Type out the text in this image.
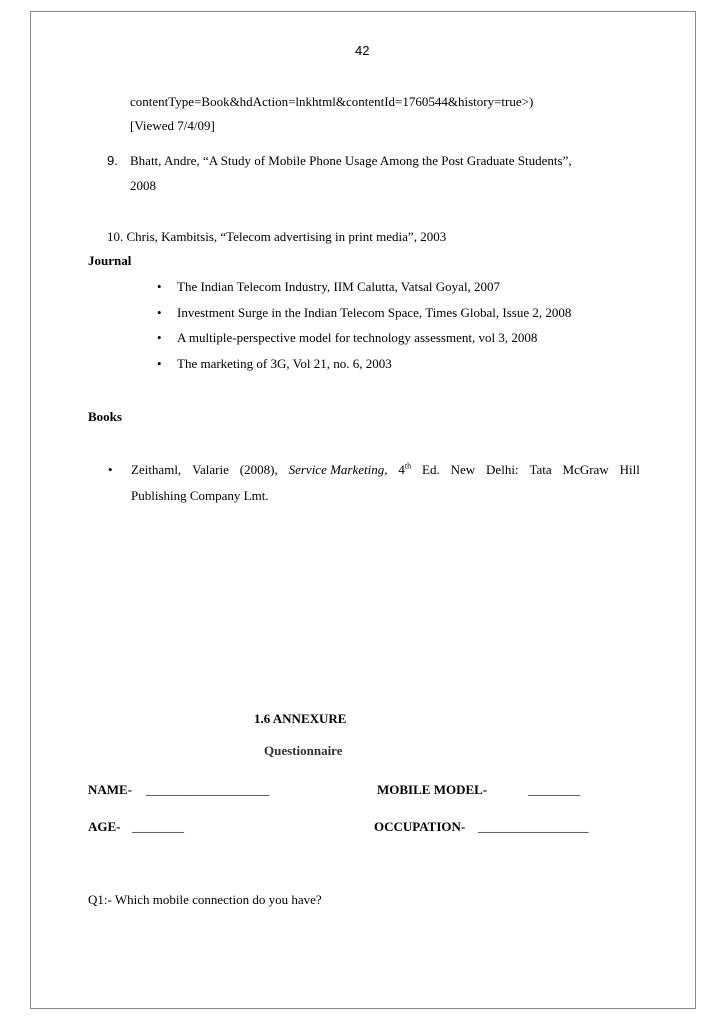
42
contentType=Book&hdAction=lnkhtml&contentId=1760544&history=true>)
[Viewed 7/4/09]
9. Bhatt, Andre, “A Study of Mobile Phone Usage Among the Post Graduate Students”,
2008
10. Chris, Kambitsis, “Telecom advertising in print media”, 2003
Journal
• The Indian Telecom Industry, IIM Calutta, Vatsal Goyal, 2007
• Investment Surge in the Indian Telecom Space, Times Global, Issue 2, 2008
• A multiple-perspective model for technology assessment, vol 3, 2008
• The marketing of 3G, Vol 21, no. 6, 2003
Books
• Zeithaml, Valarie (2008), Service Marketing, 4th Ed. New Delhi: Tata McGraw Hill
Publishing Company Lmt.
1.6 ANNEXURE
Questionnaire
NAME- ___________________	MOBILE MODEL-	________
AGE- ________	OCCUPATION- _________________
Q1:- Which mobile connection do you have?
